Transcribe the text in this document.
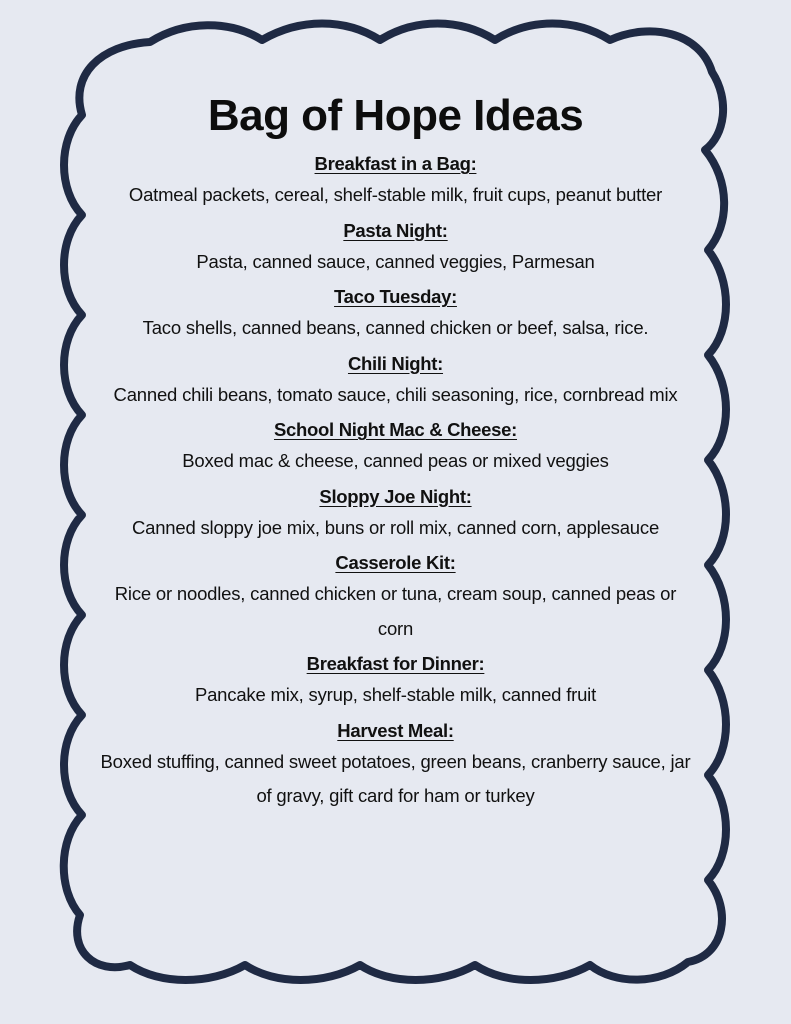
Bag of Hope Ideas

Breakfast in a Bag:

Oatmeal packets, cereal, shelf-stable milk, fruit cups, peanut butter

Pasta Night:

Pasta, canned sauce, canned veggies, Parmesan

Taco Tuesday:

Taco shells, canned beans, canned chicken or beef, salsa, rice.

Chili Night:

Canned chili beans, tomato sauce, chili seasoning, rice, cornbread mix

School Night Mac & Cheese:

Boxed mac & cheese, canned peas or mixed veggies

Sloppy Joe Night:

Canned sloppy joe mix, buns or roll mix, canned corn, applesauce

Casserole Kit:

Rice or noodles, canned chicken or tuna, cream soup, canned peas or corn

Breakfast for Dinner:

Pancake mix, syrup, shelf-stable milk, canned fruit

Harvest Meal:

Boxed stuffing, canned sweet potatoes, green beans, cranberry sauce, jar of gravy, gift card for ham or turkey
